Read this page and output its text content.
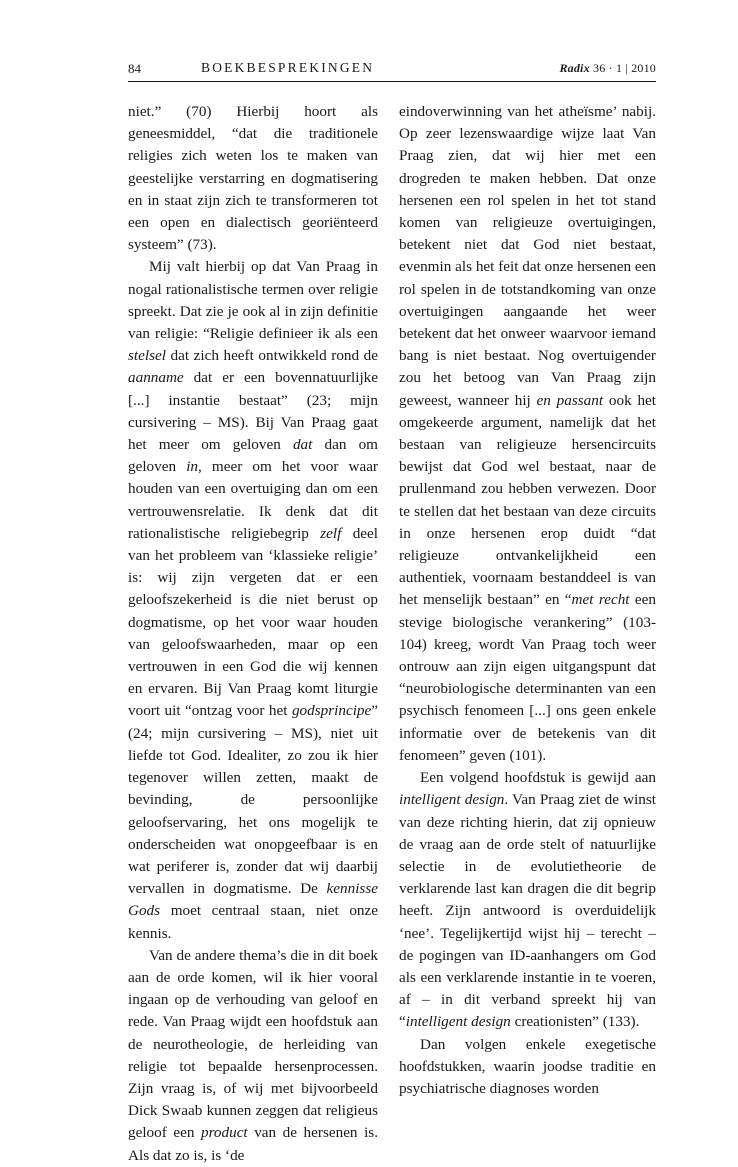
84	BOEKBESPREKINGEN	Radix 36 · 1 | 2010

niet.” (70) Hierbij hoort als geneesmiddel, “dat die traditionele religies zich weten los te maken van geestelijke verstarring en dogmatisering en in staat zijn zich te transformeren tot een open en dialectisch georiënteerd systeem” (73).

Mij valt hierbij op dat Van Praag in nogal rationalistische termen over religie spreekt. Dat zie je ook al in zijn definitie van religie: “Religie definieer ik als een stelsel dat zich heeft ontwikkeld rond de aanname dat er een bovennatuurlijke [...] instantie bestaat” (23; mijn cursivering – MS). Bij Van Praag gaat het meer om geloven dat dan om geloven in, meer om het voor waar houden van een overtuiging dan om een vertrouwensrelatie. Ik denk dat dit rationalistische religiebegrip zelf deel van het probleem van ‘klassieke religie’ is: wij zijn vergeten dat er een geloofszekerheid is die niet berust op dogmatisme, op het voor waar houden van geloofswaarheden, maar op een vertrouwen in een God die wij kennen en ervaren. Bij Van Praag komt liturgie voort uit “ontzag voor het godsprincipe” (24; mijn cursivering – MS), niet uit liefde tot God. Idealiter, zo zou ik hier tegenover willen zetten, maakt de bevinding, de persoonlijke geloofservaring, het ons mogelijk te onderscheiden wat onopgeefbaar is en wat periferer is, zonder dat wij daarbij vervallen in dogmatisme. De kennisse Gods moet centraal staan, niet onze kennis.

Van de andere thema’s die in dit boek aan de orde komen, wil ik hier vooral ingaan op de verhouding van geloof en rede. Van Praag wijdt een hoofdstuk aan de neurotheologie, de herleiding van religie tot bepaalde hersenprocessen. Zijn vraag is, of wij met bijvoorbeeld Dick Swaab kunnen zeggen dat religieus geloof een product van de hersenen is. Als dat zo is, is ‘de

eindoverwinning van het atheïsme’ nabij. Op zeer lezenswaardige wijze laat Van Praag zien, dat wij hier met een drogreden te maken hebben. Dat onze hersenen een rol spelen in het tot stand komen van religieuze overtuigingen, betekent niet dat God niet bestaat, evenmin als het feit dat onze hersenen een rol spelen in de totstandkoming van onze overtuigingen aangaande het weer betekent dat het onweer waarvoor iemand bang is niet bestaat. Nog overtuigender zou het betoog van Van Praag zijn geweest, wanneer hij en passant ook het omgekeerde argument, namelijk dat het bestaan van religieuze hersencircuits bewijst dat God wel bestaat, naar de prullenmand zou hebben verwezen. Door te stellen dat het bestaan van deze circuits in onze hersenen erop duidt “dat religieuze ontvankelijkheid een authentiek, voornaam bestanddeel is van het menselijk bestaan” en “met recht een stevige biologische verankering” (103-104) kreeg, wordt Van Praag toch weer ontrouw aan zijn eigen uitgangspunt dat “neurobiologische determinanten van een psychisch fenomeen [...] ons geen enkele informatie over de betekenis van dit fenomeen” geven (101).

Een volgend hoofdstuk is gewijd aan intelligent design. Van Praag ziet de winst van deze richting hierin, dat zij opnieuw de vraag aan de orde stelt of natuurlijke selectie in de evolutietheorie de verklarende last kan dragen die dit begrip heeft. Zijn antwoord is overduidelijk ‘nee’. Tegelijkertijd wijst hij – terecht – de pogingen van ID-aanhangers om God als een verklarende instantie in te voeren, af – in dit verband spreekt hij van “intelligent design creationisten” (133).

Dan volgen enkele exegetische hoofdstukken, waarin joodse traditie en psychiatrische diagnoses worden
